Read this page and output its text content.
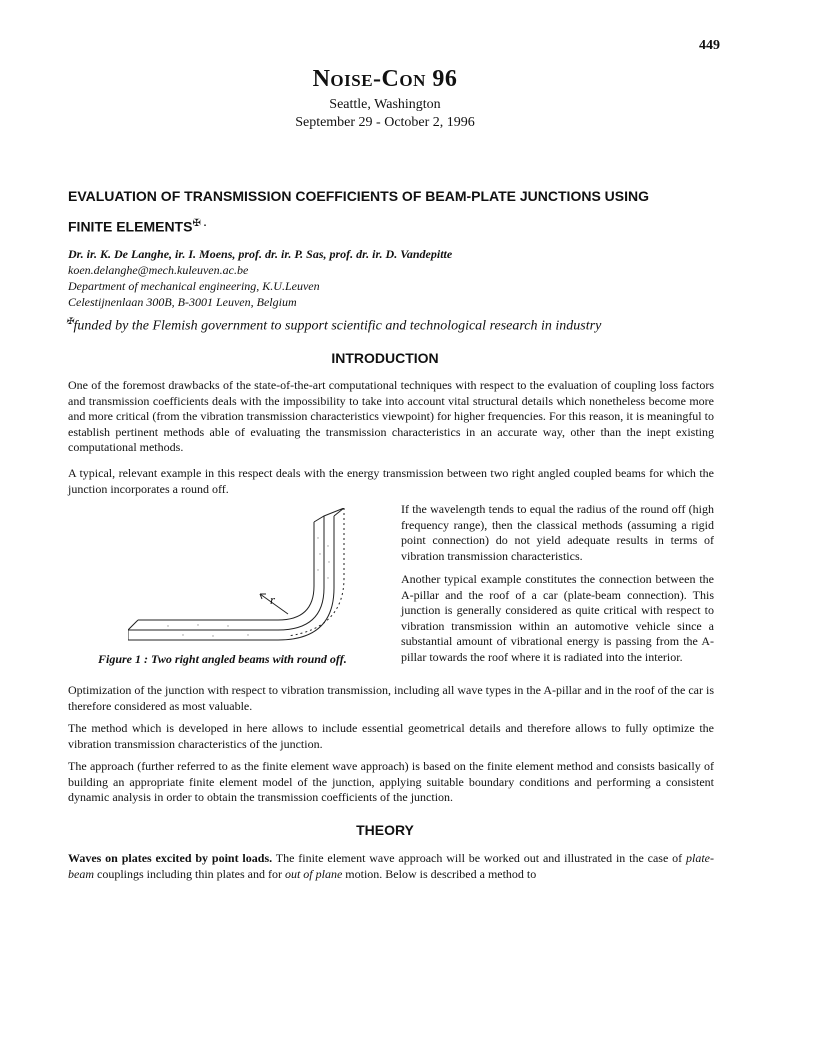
449
Noise-Con 96
Seattle, Washington
September 29 - October 2, 1996
EVALUATION OF TRANSMISSION COEFFICIENTS OF BEAM-PLATE JUNCTIONS USING
FINITE ELEMENTS✠ .
Dr. ir. K. De Langhe, ir. I. Moens, prof. dr. ir. P. Sas, prof. dr. ir. D. Vandepitte
koen.delanghe@mech.kuleuven.ac.be
Department of mechanical engineering, K.U.Leuven
Celestijnenlaan 300B, B-3001 Leuven, Belgium
✠funded by the Flemish government to support scientific and technological research in industry
INTRODUCTION
One of the foremost drawbacks of the state-of-the-art computational techniques with respect to the evaluation of coupling loss factors and transmission coefficients deals with the impossibility to take into account vital structural details which nonetheless become more and more critical (from the vibration transmission characteristics viewpoint) for higher frequencies. For this reason, it is meaningful to establish pertinent methods able of evaluating the transmission characteristics in an accurate way, other than the inept existing computational methods.
A typical, relevant example in this respect deals with the energy transmission between two right angled coupled beams for which the junction incorporates a round off.
r
Figure 1 : Two right angled beams with round off.
If the wavelength tends to equal the radius of the round off (high frequency range), then the classical methods (assuming a rigid point connection) do not yield adequate results in terms of vibration transmission characteristics.
Another typical example constitutes the connection between the A-pillar and the roof of a car (plate-beam connection). This junction is generally considered as quite critical with respect to vibration transmission within an automotive vehicle since a substantial amount of vibrational energy is passing from the A-pillar towards the roof where it is radiated into the interior.
Optimization of the junction with respect to vibration transmission, including all wave types in the A-pillar and in the roof of the car is therefore considered as most valuable.
The method which is developed in here allows to include essential geometrical details and therefore allows to fully optimize the vibration transmission characteristics of the junction.
The approach (further referred to as the finite element wave approach) is based on the finite element method and consists basically of building an appropriate finite element model of the junction, applying suitable boundary conditions and performing a consistent dynamic analysis in order to obtain the transmission coefficients of the junction.
THEORY
Waves on plates excited by point loads. The finite element wave approach will be worked out and illustrated in the case of plate-beam couplings including thin plates and for out of plane motion. Below is described a method to
